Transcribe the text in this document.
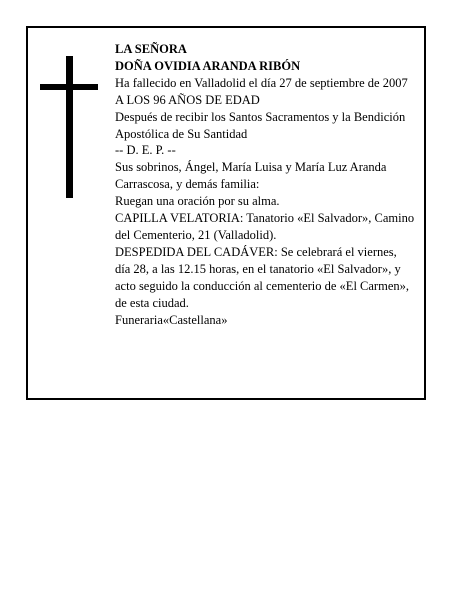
LA SEÑORA
DOÑA OVIDIA ARANDA RIBÓN
Ha fallecido en Valladolid el día 27 de septiembre de 2007
A LOS 96 AÑOS DE EDAD
Después de recibir los Santos Sacramentos y la Bendición Apostólica de Su Santidad
-- D. E. P. --
Sus sobrinos, Ángel, María Luisa y María Luz Aranda Carrascosa, y demás familia:
Ruegan una oración por su alma.
CAPILLA VELATORIA: Tanatorio «El Salvador», Camino del Cementerio, 21 (Valladolid).
DESPEDIDA DEL CADÁVER: Se celebrará el viernes, día 28, a las 12.15 horas, en el tanatorio «El Salvador», y acto seguido la conducción al cementerio de «El Carmen», de esta ciudad.
Funeraria«Castellana»
